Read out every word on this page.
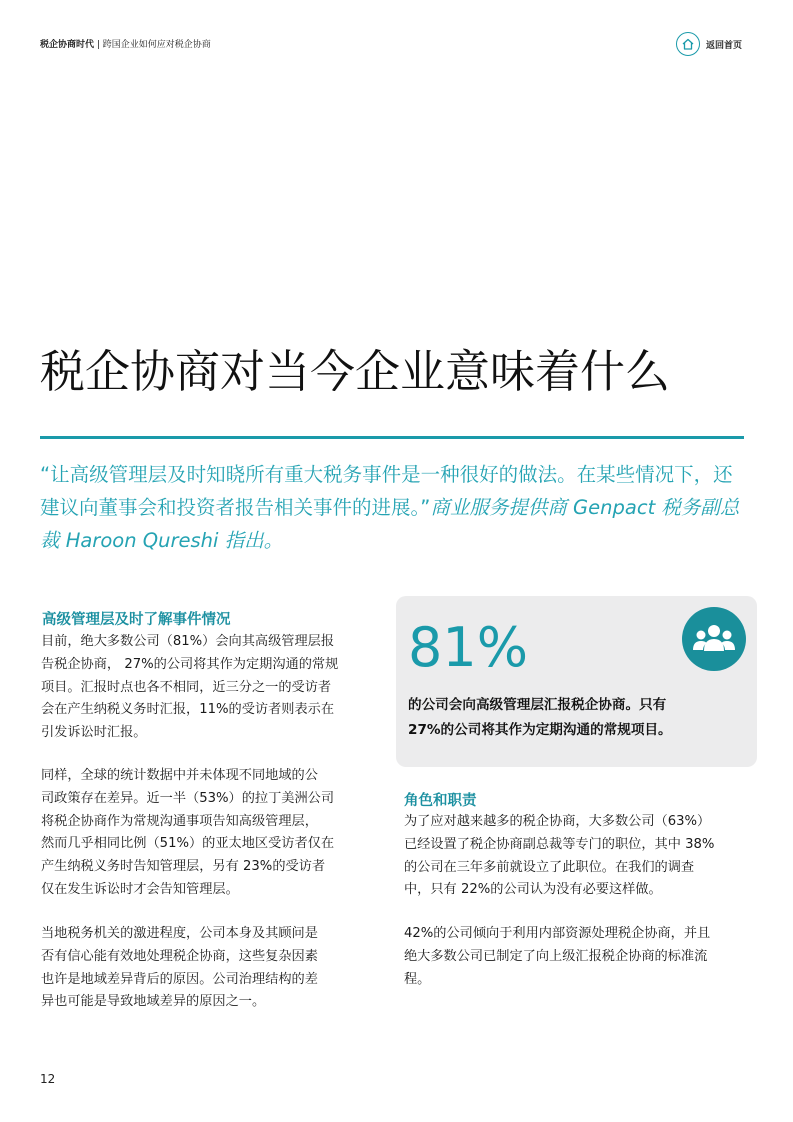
税企协商时代 | 跨国企业如何应对税企协商	返回首页
税企协商对当今企业意味着什么
“让高级管理层及时知晓所有重大税务事件是一种很好的做法。在某些情况下，还建议向董事会和投资者报告相关事件的进展。”商业服务提供商 Genpact 税务副总裁 Haroon Qureshi 指出。
高级管理层及时了解事件情况
目前，绝大多数公司（81%）会向其高级管理层报
告税企协商， 27%的公司将其作为定期沟通的常规
项目。汇报时点也各不相同，近三分之一的受访者
会在产生纳税义务时汇报，11%的受访者则表示在
引发诉讼时汇报。
同样，全球的统计数据中并未体现不同地域的公
司政策存在差异。近一半（53%）的拉丁美洲公司
将税企协商作为常规沟通事项告知高级管理层，
然而几乎相同比例（51%）的亚太地区受访者仅在
产生纳税义务时告知管理层，另有 23%的受访者
仅在发生诉讼时才会告知管理层。
当地税务机关的激进程度，公司本身及其顾问是
否有信心能有效地处理税企协商，这些复杂因素
也许是地域差异背后的原因。公司治理结构的差
异也可能是导致地域差异的原因之一。
81%
的公司会向高级管理层汇报税企协商。只有
27%的公司将其作为定期沟通的常规项目。
角色和职责
为了应对越来越多的税企协商，大多数公司（63%）
已经设置了税企协商副总裁等专门的职位，其中 38%
的公司在三年多前就设立了此职位。在我们的调查
中，只有 22%的公司认为没有必要这样做。
42%的公司倾向于利用内部资源处理税企协商，并且
绝大多数公司已制定了向上级汇报税企协商的标准流
程。
12
